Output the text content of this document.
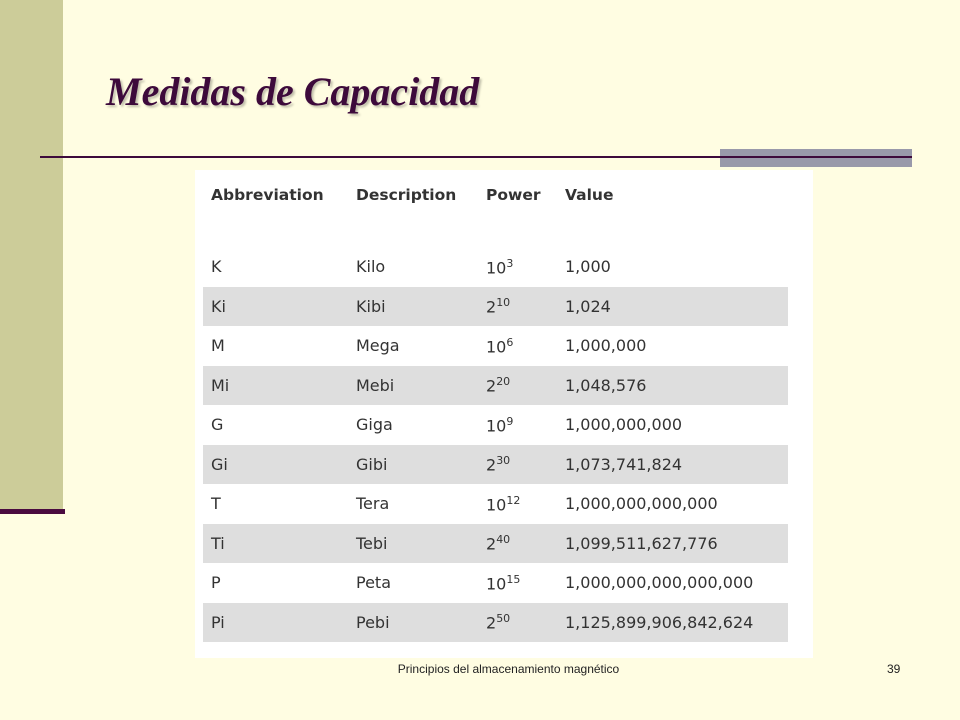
Medidas de Capacidad
Abbreviation	Description	Power	Value

K	Kilo	$10^3$	1,000
Ki	Kibi	$2^{10}$	1,024
M	Mega	$10^6$	1,000,000
Mi	Mebi	$2^{20}$	1,048,576
G	Giga	$10^9$	1,000,000,000
Gi	Gibi	$2^{30}$	1,073,741,824
T	Tera	$10^{12}$	1,000,000,000,000
Ti	Tebi	$2^{40}$	1,099,511,627,776
P	Peta	$10^{15}$	1,000,000,000,000,000
Pi	Pebi	$2^{50}$	1,125,899,906,842,624
Principios del almacenamiento magnético	39
